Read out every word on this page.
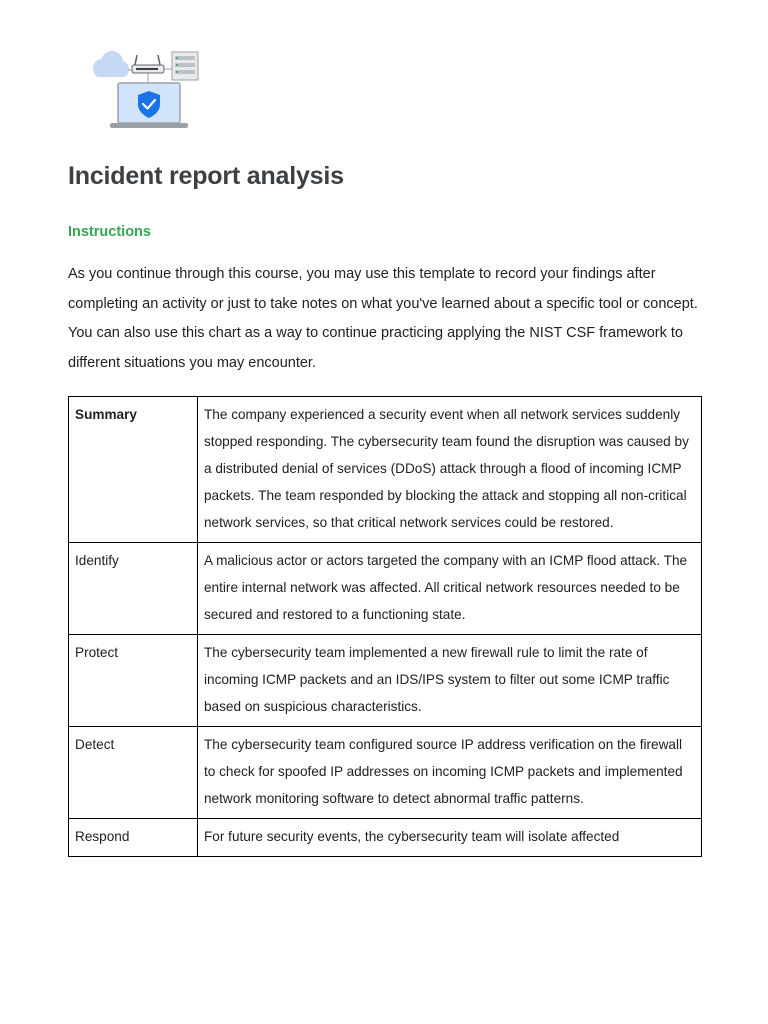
Incident report analysis
Instructions

As you continue through this course, you may use this template to record your findings after completing an activity or just to take notes on what you've learned about a specific tool or concept. You can also use this chart as a way to continue practicing applying the NIST CSF framework to different situations you may encounter.

Summary	The company experienced a security event when all network services suddenly stopped responding. The cybersecurity team found the disruption was caused by a distributed denial of services (DDoS) attack through a flood of incoming ICMP packets. The team responded by blocking the attack and stopping all non-critical network services, so that critical network services could be restored.
Identify	A malicious actor or actors targeted the company with an ICMP flood attack. The entire internal network was affected. All critical network resources needed to be secured and restored to a functioning state.
Protect	The cybersecurity team implemented a new firewall rule to limit the rate of incoming ICMP packets and an IDS/IPS system to filter out some ICMP traffic based on suspicious characteristics.
Detect	The cybersecurity team configured source IP address verification on the firewall to check for spoofed IP addresses on incoming ICMP packets and implemented network monitoring software to detect abnormal traffic patterns.
Respond	For future security events, the cybersecurity team will isolate affected
